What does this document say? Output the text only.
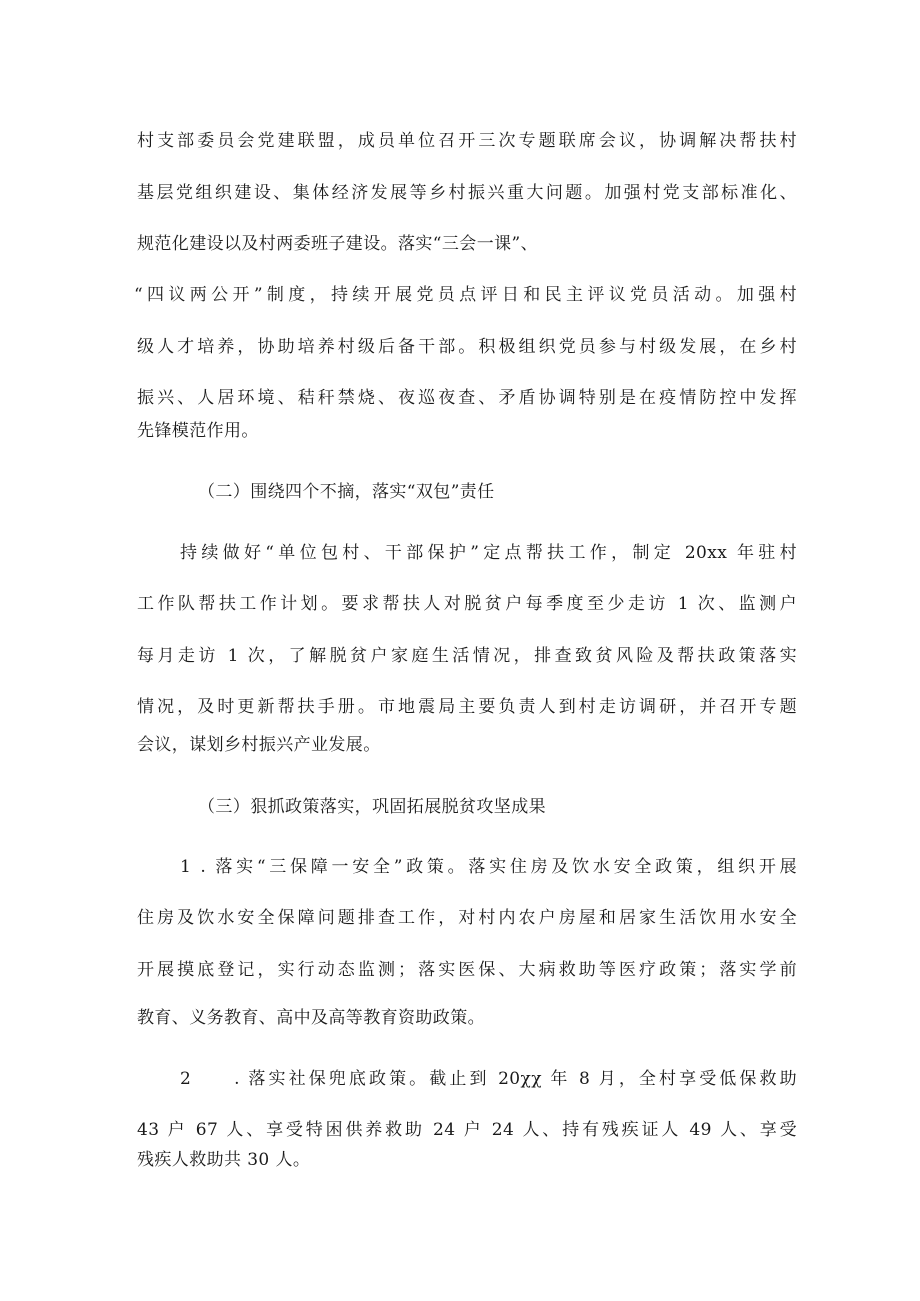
村支部委员会党建联盟，成员单位召开三次专题联席会议，协调解决帮扶村
基层党组织建设、集体经济发展等乡村振兴重大问题。加强村党支部标准化、
规范化建设以及村两委班子建设。落实“三会一课”、
“四议两公开”制度，持续开展党员点评日和民主评议党员活动。加强村
级人才培养，协助培养村级后备干部。积极组织党员参与村级发展，在乡村
振兴、人居环境、秸秆禁烧、夜巡夜查、矛盾协调特别是在疫情防控中发挥
先锋模范作用。
（二）围绕四个不摘，落实“双包”责任
持续做好“单位包村、干部保护”定点帮扶工作，制定 20xx 年驻村
工作队帮扶工作计划。要求帮扶人对脱贫户每季度至少走访 1 次、监测户
每月走访 1 次，了解脱贫户家庭生活情况，排查致贫风险及帮扶政策落实
情况，及时更新帮扶手册。市地震局主要负责人到村走访调研，并召开专题
会议，谋划乡村振兴产业发展。
（三）狠抓政策落实，巩固拓展脱贫攻坚成果
1 . 落实“三保障一安全”政策。落实住房及饮水安全政策，组织开展
住房及饮水安全保障问题排查工作，对村内农户房屋和居家生活饮用水安全
开展摸底登记，实行动态监测；落实医保、大病救助等医疗政策；落实学前
教育、义务教育、高中及高等教育资助政策。
2　　. 落实社保兜底政策。截止到 20χχ 年 8 月，全村享受低保救助
43 户 67 人、享受特困供养救助 24 户 24 人、持有残疾证人 49 人、享受
残疾人救助共 30 人。
